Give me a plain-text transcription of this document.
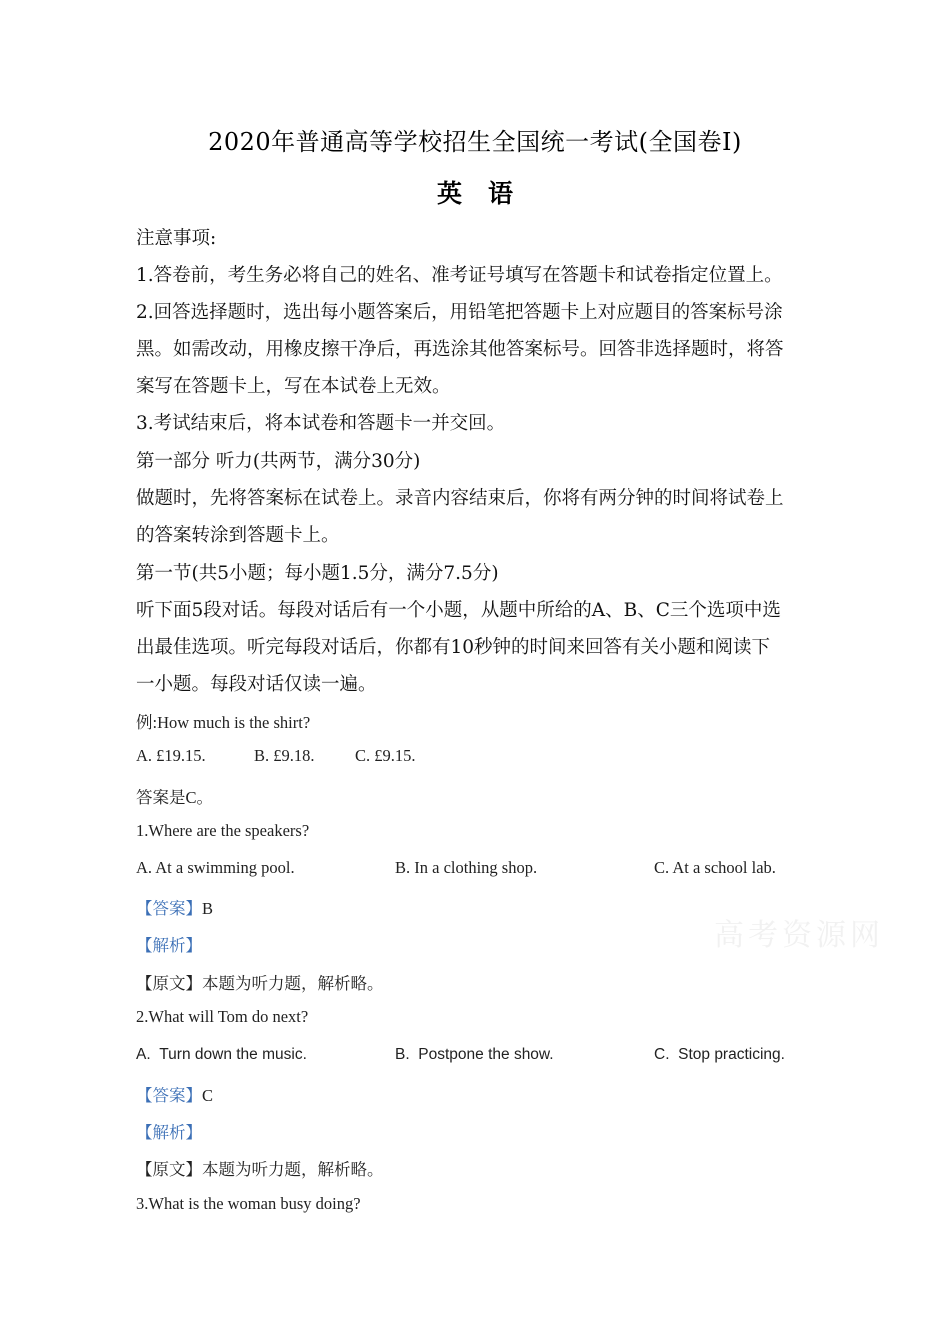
2020年普通高等学校招生全国统一考试(全国卷I)
英语
注意事项:
1.答卷前，考生务必将自己的姓名、准考证号填写在答题卡和试卷指定位置上。
2.回答选择题时，选出每小题答案后，用铅笔把答题卡上对应题目的答案标号涂
黑。如需改动，用橡皮擦干净后，再选涂其他答案标号。回答非选择题时，将答
案写在答题卡上，写在本试卷上无效。
3.考试结束后，将本试卷和答题卡一并交回。
第一部分 听力(共两节，满分30分)
做题时，先将答案标在试卷上。录音内容结束后，你将有两分钟的时间将试卷上
的答案转涂到答题卡上。
第一节(共5小题；每小题1.5分，满分7.5分)
听下面5段对话。每段对话后有一个小题，从题中所给的A、B、C三个选项中选
出最佳选项。听完每段对话后，你都有10秒钟的时间来回答有关小题和阅读下
一小题。每段对话仅读一遍。
例:How much is the shirt?
A. £19.15.	B. £9.18. C. £9.15.
答案是C。
1.Where are the speakers?
A. At a swimming pool.	B. In a clothing shop.	C. At a school lab.
【答案】B
【解析】
【原文】本题为听力题，解析略。
2.What will Tom do next?
A. Turn down the music.	B. Postpone the show.	C. Stop practicing.
【答案】C
【解析】
【原文】本题为听力题，解析略。
3.What is the woman busy doing?
高考资源网
